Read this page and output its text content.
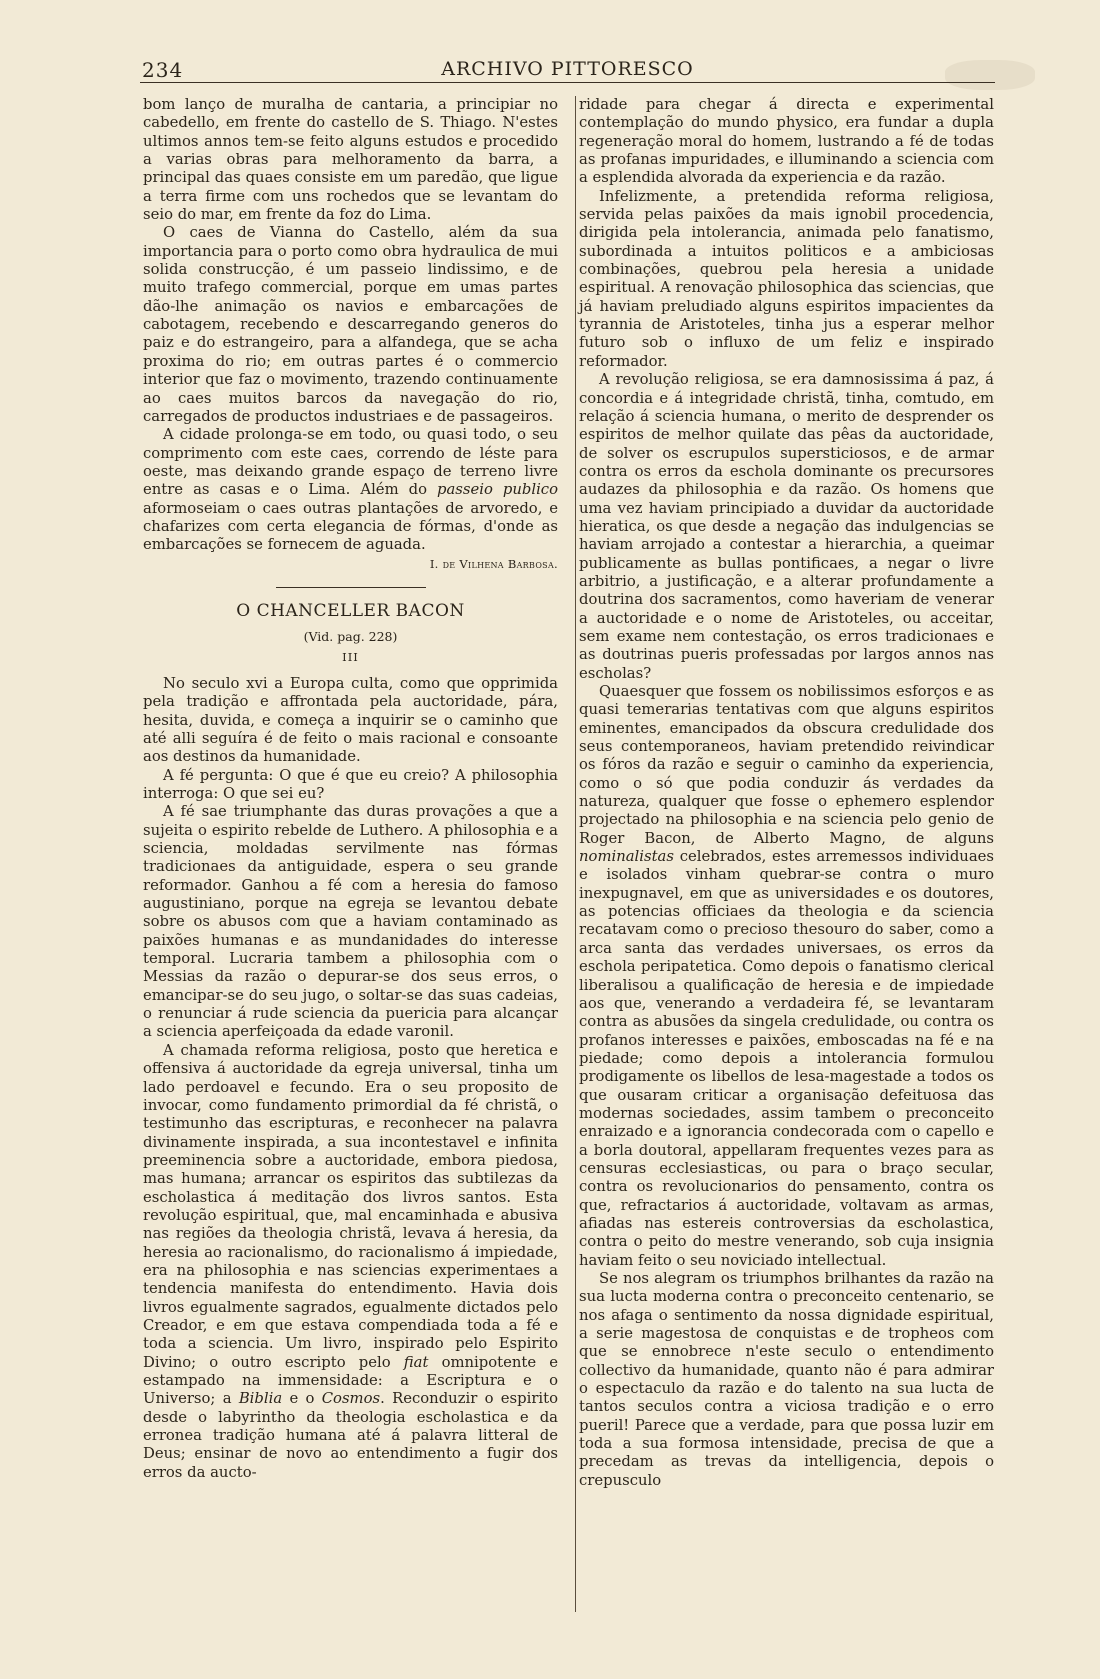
234	ARCHIVO PITTORESCO

bom lanço de muralha de cantaria, a principiar no cabedello, em frente do castello de S. Thiago. N'estes ultimos annos tem-se feito alguns estudos e procedido a varias obras para melhoramento da barra, a principal das quaes consiste em um paredão, que ligue a terra firme com uns rochedos que se levantam do seio do mar, em frente da foz do Lima.

O caes de Vianna do Castello, além da sua importancia para o porto como obra hydraulica de mui solida construcção, é um passeio lindissimo, e de muito trafego commercial, porque em umas partes dão-lhe animação os navios e embarcações de cabotagem, recebendo e descarregando generos do paiz e do estrangeiro, para a alfandega, que se acha proxima do rio; em outras partes é o commercio interior que faz o movimento, trazendo continuamente ao caes muitos barcos da navegação do rio, carregados de productos industriaes e de passageiros.

A cidade prolonga-se em todo, ou quasi todo, o seu comprimento com este caes, correndo de léste para oeste, mas deixando grande espaço de terreno livre entre as casas e o Lima. Além do passeio publico aformoseiam o caes outras plantações de arvoredo, e chafarizes com certa elegancia de fórmas, d'onde as embarcações se fornecem de aguada.

I. de Vilhena Barbosa.

O CHANCELLER BACON
(Vid. pag. 228)
III

No seculo xvi a Europa culta, como que opprimida pela tradição e affrontada pela auctoridade, pára, hesita, duvida, e começa a inquirir se o caminho que até alli seguíra é de feito o mais racional e consoante aos destinos da humanidade.

A fé pergunta: O que é que eu creio? A philosophia interroga: O que sei eu?

A fé sae triumphante das duras provações a que a sujeita o espirito rebelde de Luthero. A philosophia e a sciencia, moldadas servilmente nas fórmas tradicionaes da antiguidade, espera o seu grande reformador. Ganhou a fé com a heresia do famoso augustiniano, porque na egreja se levantou debate sobre os abusos com que a haviam contaminado as paixões humanas e as mundanidades do interesse temporal. Lucraria tambem a philosophia com o Messias da razão o depurar-se dos seus erros, o emancipar-se do seu jugo, o soltar-se das suas cadeias, o renunciar á rude sciencia da puericia para alcançar a sciencia aperfeiçoada da edade varonil.

A chamada reforma religiosa, posto que heretica e offensiva á auctoridade da egreja universal, tinha um lado perdoavel e fecundo. Era o seu proposito de invocar, como fundamento primordial da fé christã, o testimunho das escripturas, e reconhecer na palavra divinamente inspirada, a sua incontestavel e infinita preeminencia sobre a auctoridade, embora piedosa, mas humana; arrancar os espiritos das subtilezas da escholastica á meditação dos livros santos. Esta revolução espiritual, que, mal encaminhada e abusiva nas regiões da theologia christã, levava á heresia, da heresia ao racionalismo, do racionalismo á impiedade, era na philosophia e nas sciencias experimentaes a tendencia manifesta do entendimento. Havia dois livros egualmente sagrados, egualmente dictados pelo Creador, e em que estava compendiada toda a fé e toda a sciencia. Um livro, inspirado pelo Espirito Divino; o outro escripto pelo fiat omnipotente e estampado na immensidade: a Escriptura e o Universo; a Biblia e o Cosmos. Reconduzir o espirito desde o labyrintho da theologia escholastica e da erronea tradição humana até á palavra litteral de Deus; ensinar de novo ao entendimento a fugir dos erros da aucto-

ridade para chegar á directa e experimental contemplação do mundo physico, era fundar a dupla regeneração moral do homem, lustrando a fé de todas as profanas impuridades, e illuminando a sciencia com a esplendida alvorada da experiencia e da razão.

Infelizmente, a pretendida reforma religiosa, servida pelas paixões da mais ignobil procedencia, dirigida pela intolerancia, animada pelo fanatismo, subordinada a intuitos politicos e a ambiciosas combinações, quebrou pela heresia a unidade espiritual. A renovação philosophica das sciencias, que já haviam preludiado alguns espiritos impacientes da tyrannia de Aristoteles, tinha jus a esperar melhor futuro sob o influxo de um feliz e inspirado reformador.

A revolução religiosa, se era damnosissima á paz, á concordia e á integridade christã, tinha, comtudo, em relação á sciencia humana, o merito de desprender os espiritos de melhor quilate das pêas da auctoridade, de solver os escrupulos supersticiosos, e de armar contra os erros da eschola dominante os precursores audazes da philosophia e da razão. Os homens que uma vez haviam principiado a duvidar da auctoridade hieratica, os que desde a negação das indulgencias se haviam arrojado a contestar a hierarchia, a queimar publicamente as bullas pontificaes, a negar o livre arbitrio, a justificação, e a alterar profundamente a doutrina dos sacramentos, como haveriam de venerar a auctoridade e o nome de Aristoteles, ou acceitar, sem exame nem contestação, os erros tradicionaes e as doutrinas pueris professadas por largos annos nas escholas?

Quaesquer que fossem os nobilissimos esforços e as quasi temerarias tentativas com que alguns espiritos eminentes, emancipados da obscura credulidade dos seus contemporaneos, haviam pretendido reivindicar os fóros da razão e seguir o caminho da experiencia, como o só que podia conduzir ás verdades da natureza, qualquer que fosse o ephemero esplendor projectado na philosophia e na sciencia pelo genio de Roger Bacon, de Alberto Magno, de alguns nominalistas celebrados, estes arremessos individuaes e isolados vinham quebrar-se contra o muro inexpugnavel, em que as universidades e os doutores, as potencias officiaes da theologia e da sciencia recatavam como o precioso thesouro do saber, como a arca santa das verdades universaes, os erros da eschola peripatetica. Como depois o fanatismo clerical liberalisou a qualificação de heresia e de impiedade aos que, venerando a verdadeira fé, se levantaram contra as abusões da singela credulidade, ou contra os profanos interesses e paixões, emboscadas na fé e na piedade; como depois a intolerancia formulou prodigamente os libellos de lesa-magestade a todos os que ousaram criticar a organisação defeituosa das modernas sociedades, assim tambem o preconceito enraizado e a ignorancia condecorada com o capello e a borla doutoral, appellaram frequentes vezes para as censuras ecclesiasticas, ou para o braço secular, contra os revolucionarios do pensamento, contra os que, refractarios á auctoridade, voltavam as armas, afiadas nas estereis controversias da escholastica, contra o peito do mestre venerando, sob cuja insignia haviam feito o seu noviciado intellectual.

Se nos alegram os triumphos brilhantes da razão na sua lucta moderna contra o preconceito centenario, se nos afaga o sentimento da nossa dignidade espiritual, a serie magestosa de conquistas e de tropheos com que se ennobrece n'este seculo o entendimento collectivo da humanidade, quanto não é para admirar o espectaculo da razão e do talento na sua lucta de tantos seculos contra a viciosa tradição e o erro pueril! Parece que a verdade, para que possa luzir em toda a sua formosa intensidade, precisa de que a precedam as trevas da intelligencia, depois o crepusculo
